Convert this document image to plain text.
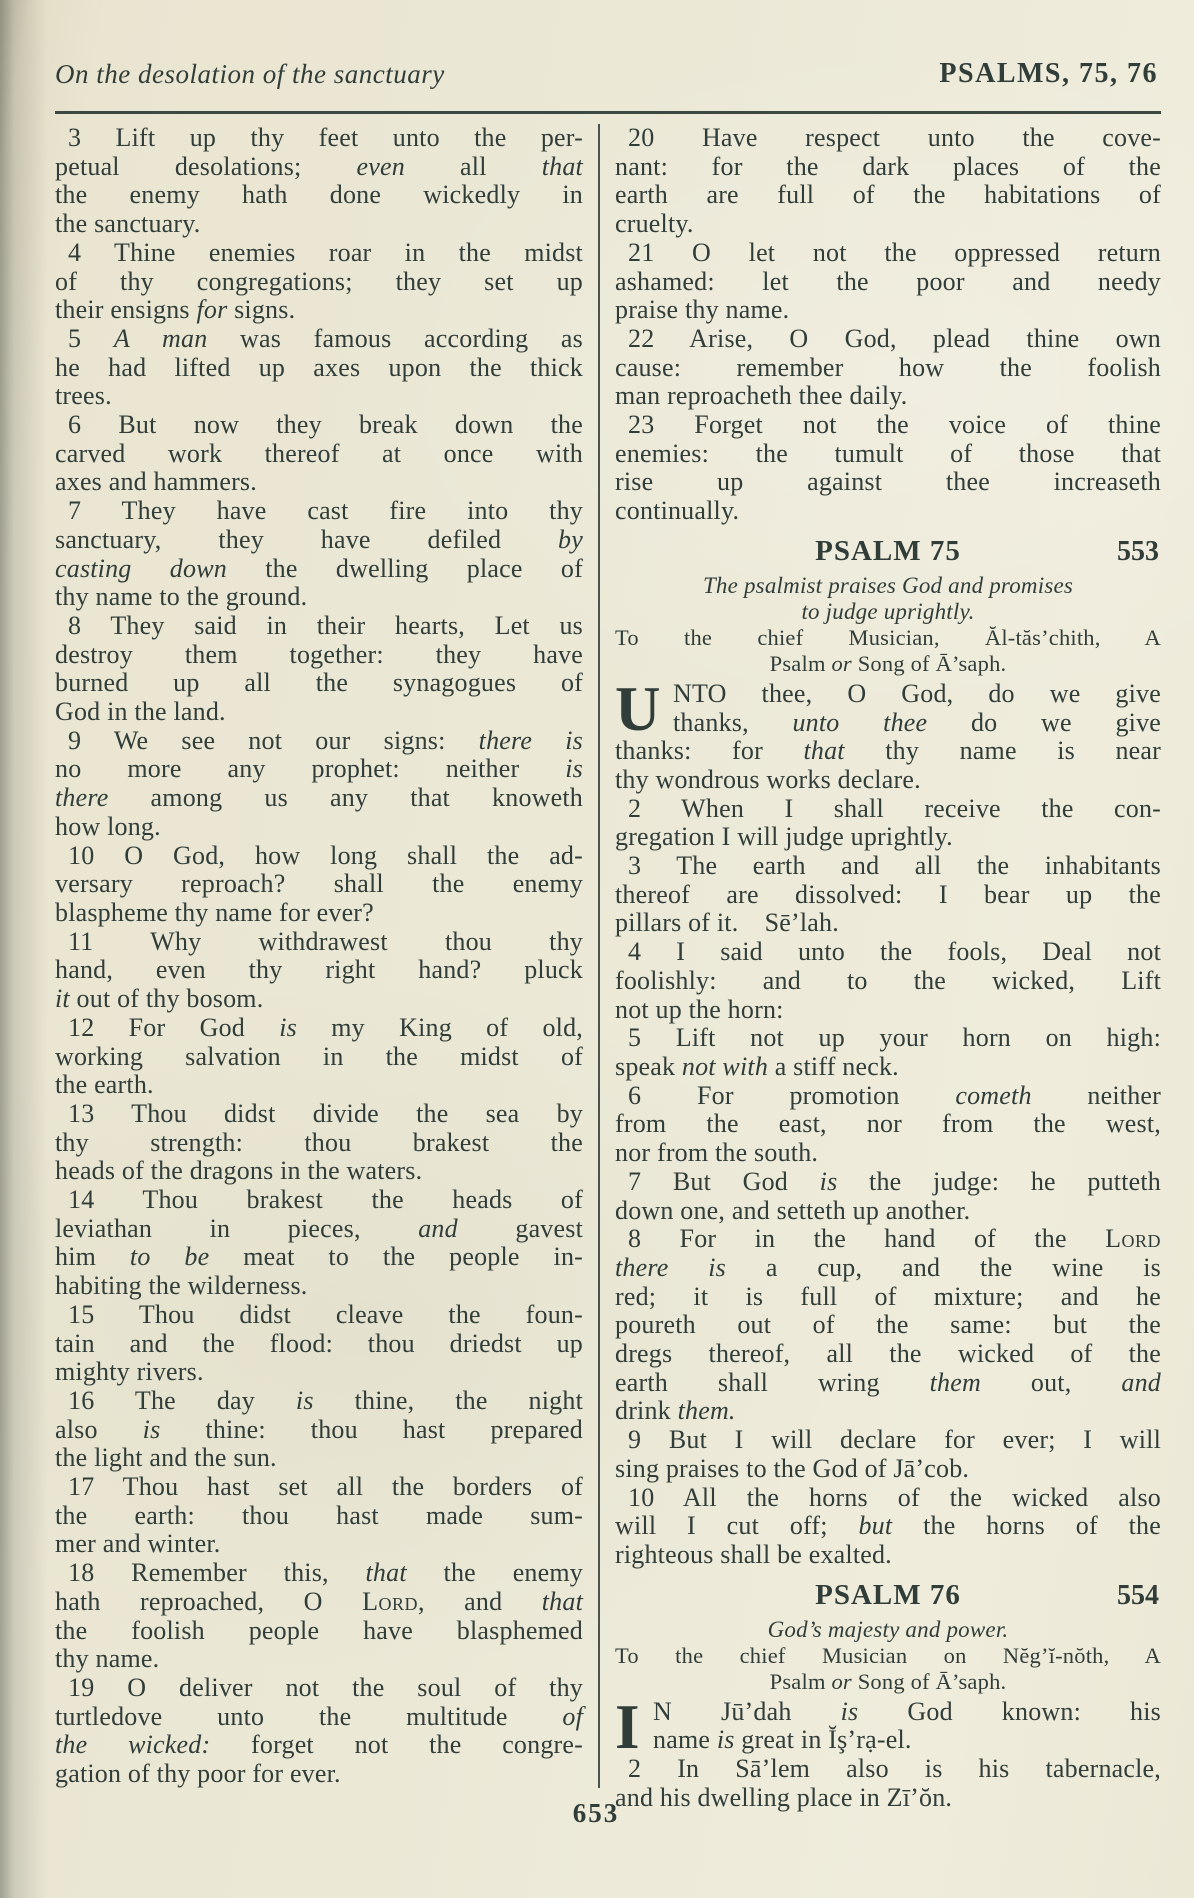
On the desolation of the sanctuary	PSALMS, 75, 76
3 Lift up thy feet unto the per-
petual desolations; even all that
the enemy hath done wickedly in
the sanctuary.
4 Thine enemies roar in the midst
of thy congregations; they set up
their ensigns for signs.
5 A man was famous according as
he had lifted up axes upon the thick
trees.
6 But now they break down the
carved work thereof at once with
axes and hammers.
7 They have cast fire into thy
sanctuary, they have defiled by
casting down the dwelling place of
thy name to the ground.
8 They said in their hearts, Let us
destroy them together: they have
burned up all the synagogues of
God in the land.
9 We see not our signs: there is
no more any prophet: neither is
there among us any that knoweth
how long.
10 O God, how long shall the ad-
versary reproach? shall the enemy
blaspheme thy name for ever?
11 Why withdrawest thou thy
hand, even thy right hand? pluck
it out of thy bosom.
12 For God is my King of old,
working salvation in the midst of
the earth.
13 Thou didst divide the sea by
thy strength: thou brakest the
heads of the dragons in the waters.
14 Thou brakest the heads of
leviathan in pieces, and gavest
him to be meat to the people in-
habiting the wilderness.
15 Thou didst cleave the foun-
tain and the flood: thou driedst up
mighty rivers.
16 The day is thine, the night
also is thine: thou hast prepared
the light and the sun.
17 Thou hast set all the borders of
the earth: thou hast made sum-
mer and winter.
18 Remember this, that the enemy
hath reproached, O Lord, and that
the foolish people have blasphemed
thy name.
19 O deliver not the soul of thy
turtledove unto the multitude of
the wicked: forget not the congre-
gation of thy poor for ever.
20 Have respect unto the cove-
nant: for the dark places of the
earth are full of the habitations of
cruelty.
21 O let not the oppressed return
ashamed: let the poor and needy
praise thy name.
22 Arise, O God, plead thine own
cause: remember how the foolish
man reproacheth thee daily.
23 Forget not the voice of thine
enemies: the tumult of those that
rise up against thee increaseth
continually.
PSALM 75	553
The psalmist praises God and promises
to judge uprightly.
To the chief Musician, Ăl-tăs’chith, A
Psalm or Song of Ā’saph.
U NTO thee, O God, do we give
thanks, unto thee do we give
thanks: for that thy name is near
thy wondrous works declare.
2 When I shall receive the con-
gregation I will judge uprightly.
3 The earth and all the inhabitants
thereof are dissolved: I bear up the
pillars of it. Sē’lah.
4 I said unto the fools, Deal not
foolishly: and to the wicked, Lift
not up the horn:
5 Lift not up your horn on high:
speak not with a stiff neck.
6 For promotion cometh neither
from the east, nor from the west,
nor from the south.
7 But God is the judge: he putteth
down one, and setteth up another.
8 For in the hand of the Lord
there is a cup, and the wine is
red; it is full of mixture; and he
poureth out of the same: but the
dregs thereof, all the wicked of the
earth shall wring them out, and
drink them.
9 But I will declare for ever; I will
sing praises to the God of Jā’cob.
10 All the horns of the wicked also
will I cut off; but the horns of the
righteous shall be exalted.
PSALM 76	554
God’s majesty and power.
To the chief Musician on Nĕg’ĭ-nŏth, A
Psalm or Song of Ā’saph.
I N Jū’dah is God known: his
name is great in Ĭş’rạ-el.
2 In Sā’lem also is his tabernacle,
and his dwelling place in Zī’ŏn.
653
